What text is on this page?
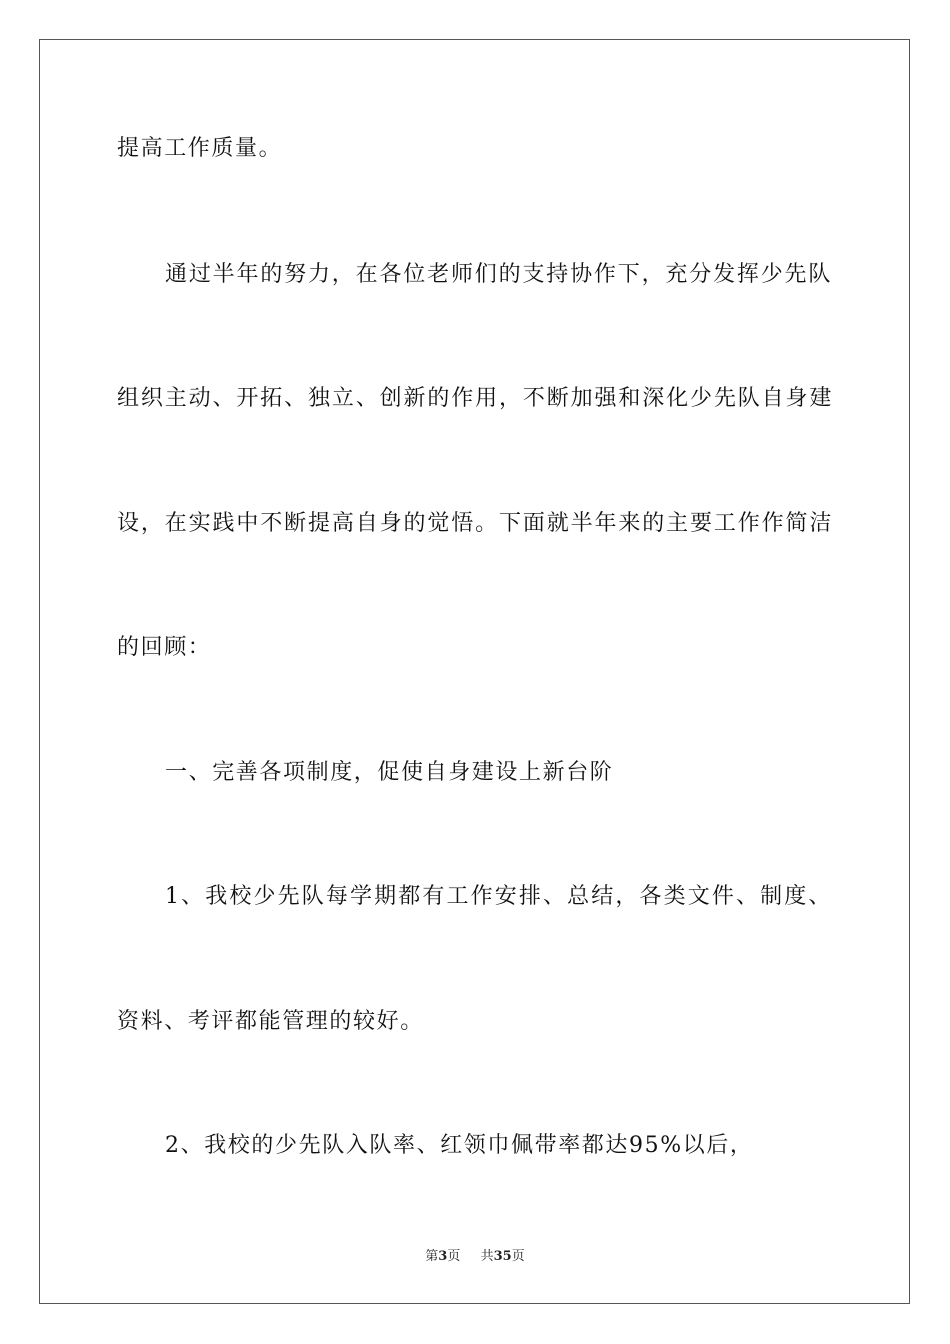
提高工作质量。
通过半年的努力，在各位老师们的支持协作下，充分发挥少先队
组织主动、开拓、独立、创新的作用，不断加强和深化少先队自身建
设，在实践中不断提高自身的觉悟。下面就半年来的主要工作作简洁
的回顾：
一、完善各项制度，促使自身建设上新台阶
1、我校少先队每学期都有工作安排、总结，各类文件、制度、
资料、考评都能管理的较好。
2、我校的少先队入队率、红领巾佩带率都达95%以后，
第3页 共35页
